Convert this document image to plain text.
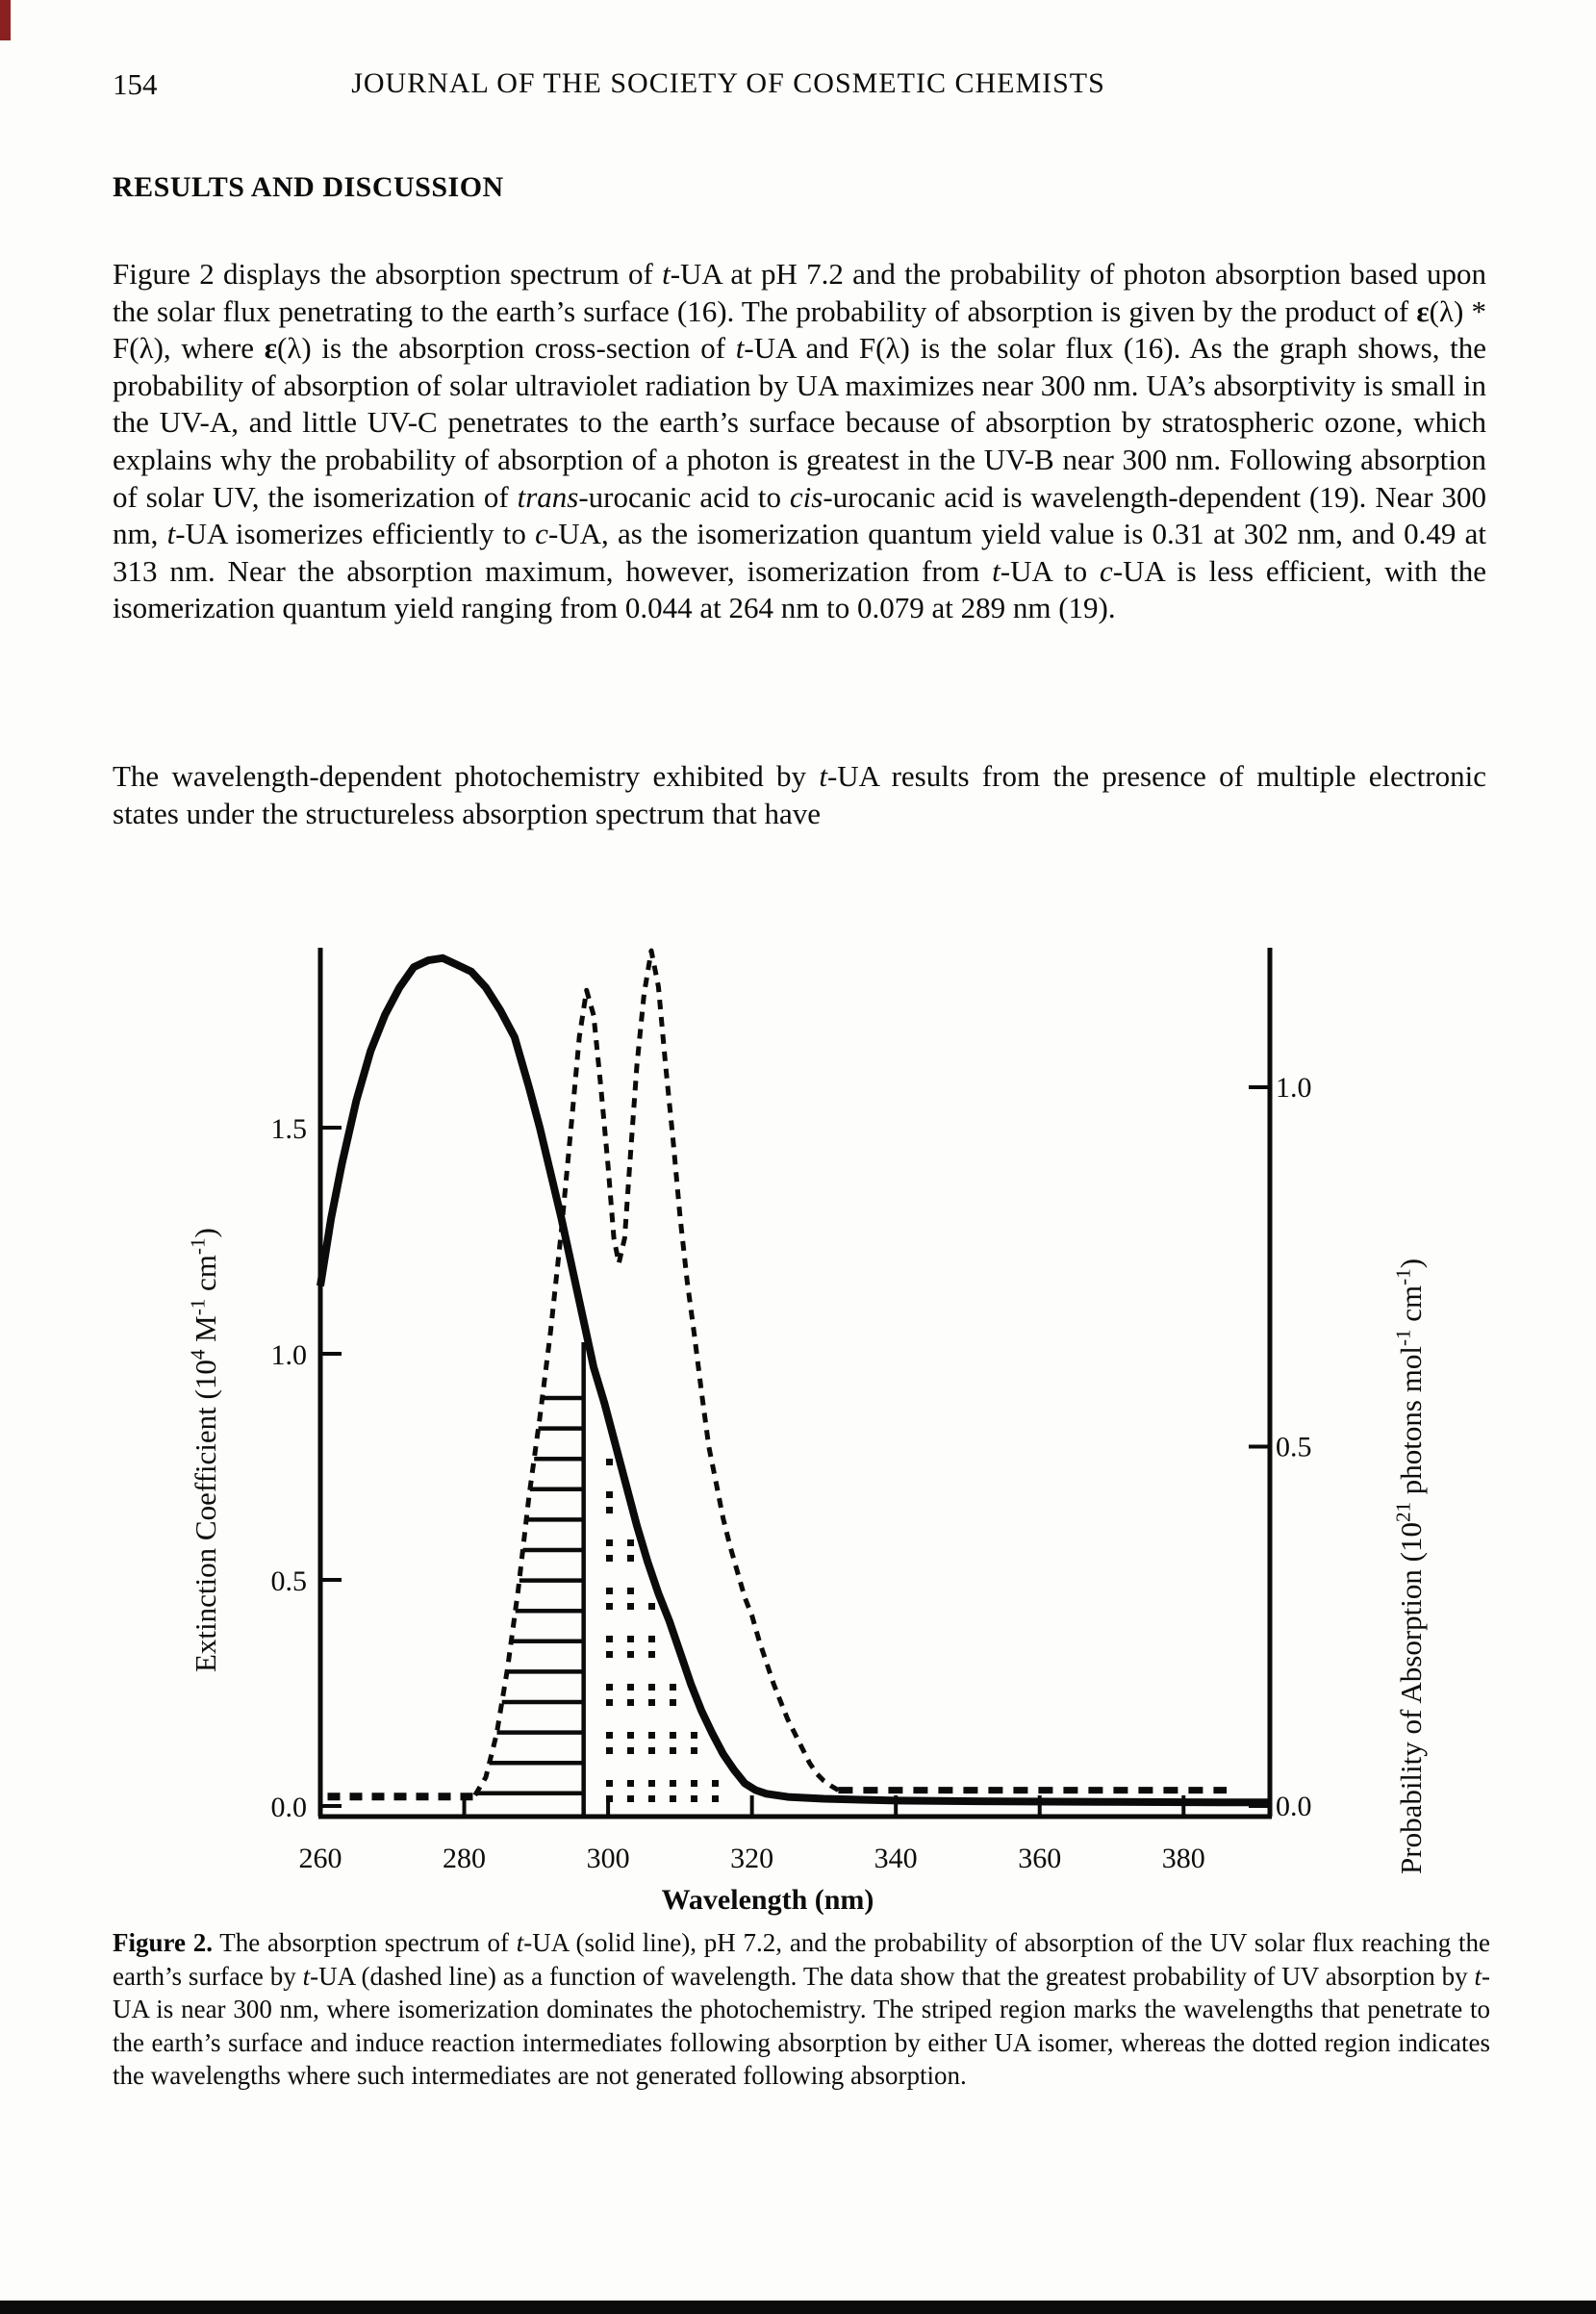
154	JOURNAL OF THE SOCIETY OF COSMETIC CHEMISTS
RESULTS AND DISCUSSION
Figure 2 displays the absorption spectrum of t-UA at pH 7.2 and the probability of photon absorption based upon the solar flux penetrating to the earth’s surface (16). The probability of absorption is given by the product of ε(λ) * F(λ), where ε(λ) is the absorption cross-section of t-UA and F(λ) is the solar flux (16). As the graph shows, the probability of absorption of solar ultraviolet radiation by UA maximizes near 300 nm. UA’s absorptivity is small in the UV-A, and little UV-C penetrates to the earth’s surface because of absorption by stratospheric ozone, which explains why the probability of absorption of a photon is greatest in the UV-B near 300 nm. Following absorption of solar UV, the isomerization of trans-urocanic acid to cis-urocanic acid is wavelength-dependent (19). Near 300 nm, t-UA isomerizes efficiently to c-UA, as the isomerization quantum yield value is 0.31 at 302 nm, and 0.49 at 313 nm. Near the absorption maximum, however, isomerization from t-UA to c-UA is less efficient, with the isomerization quantum yield ranging from 0.044 at 264 nm to 0.079 at 289 nm (19).
The wavelength-dependent photochemistry exhibited by t-UA results from the presence of multiple electronic states under the structureless absorption spectrum that have
260	280	300	320	340	360	380
0.0
0.5
1.0
1.5
0.0
0.5
1.0
Wavelength (nm)
Extinction Coefficient ($10^4$ $M^{-1}$ $cm^{-1}$)
Probability of Absorption ($10^{21}$ photons mol$^{-1}$ $cm^{-1}$)
Figure 2. The absorption spectrum of t-UA (solid line), pH 7.2, and the probability of absorption of the UV solar flux reaching the earth’s surface by t-UA (dashed line) as a function of wavelength. The data show that the greatest probability of UV absorption by t-UA is near 300 nm, where isomerization dominates the photochemistry. The striped region marks the wavelengths that penetrate to the earth’s surface and induce reaction intermediates following absorption by either UA isomer, whereas the dotted region indicates the wavelengths where such intermediates are not generated following absorption.
